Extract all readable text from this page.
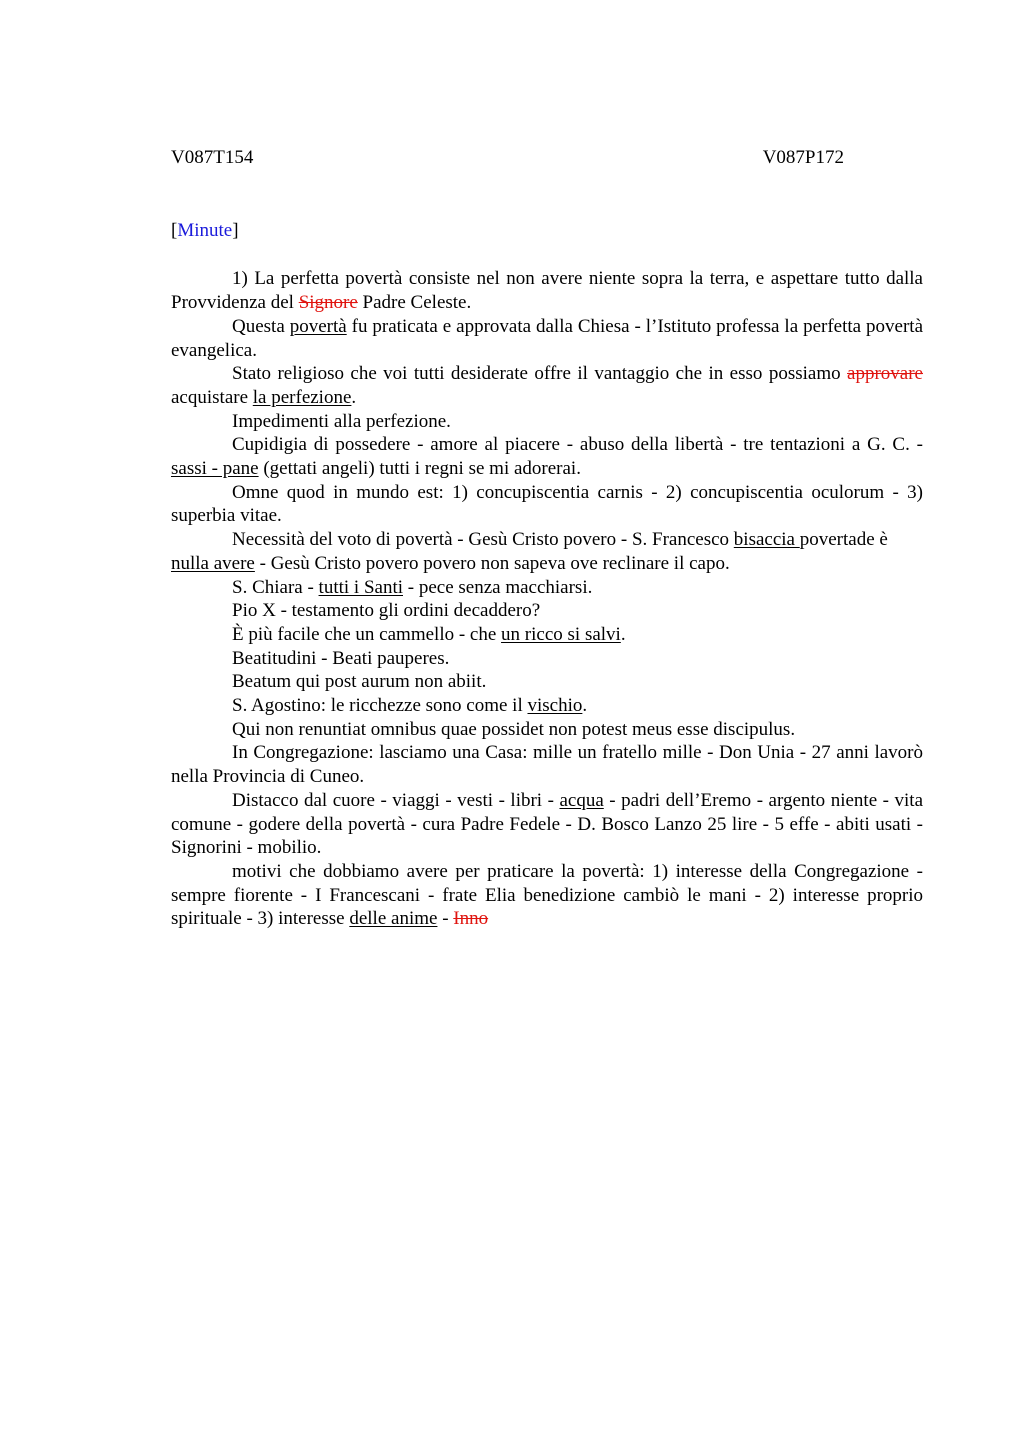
V087T154	V087P172
[Minute]

1) La perfetta povertà consiste nel non avere niente sopra la terra, e aspettare tutto dalla Provvidenza del Signore Padre Celeste.

Questa povertà fu praticata e approvata dalla Chiesa - l’Istituto professa la perfetta povertà evangelica.

Stato religioso che voi tutti desiderate offre il vantaggio che in esso possiamo approvare acquistare la perfezione.

Impedimenti alla perfezione.

Cupidigia di possedere - amore al piacere - abuso della libertà - tre tentazioni a G. C. - sassi - pane (gettati angeli) tutti i regni se mi adorerai.

Omne quod in mundo est: 1) concupiscentia carnis - 2) concupiscentia oculorum - 3) superbia vitae.

Necessità del voto di povertà - Gesù Cristo povero - S. Francesco bisaccia povertade è nulla avere - Gesù Cristo povero povero non sapeva ove reclinare il capo.

S. Chiara - tutti i Santi - pece senza macchiarsi.

Pio X - testamento gli ordini decaddero?

È più facile che un cammello - che un ricco si salvi.

Beatitudini - Beati pauperes.

Beatum qui post aurum non abiit.

S. Agostino: le ricchezze sono come il vischio.

Qui non renuntiat omnibus quae possidet non potest meus esse discipulus.

In Congregazione: lasciamo una Casa: mille un fratello mille - Don Unia - 27 anni lavorò nella Provincia di Cuneo.

Distacco dal cuore - viaggi - vesti - libri - acqua - padri dell’Eremo - argento niente - vita comune - godere della povertà - cura Padre Fedele - D. Bosco Lanzo 25 lire - 5 effe - abiti usati - Signorini - mobilio.

motivi che dobbiamo avere per praticare la povertà: 1) interesse della Congregazione - sempre fiorente - I Francescani - frate Elia benedizione cambiò le mani - 2) interesse proprio spirituale - 3) interesse delle anime - Inno
